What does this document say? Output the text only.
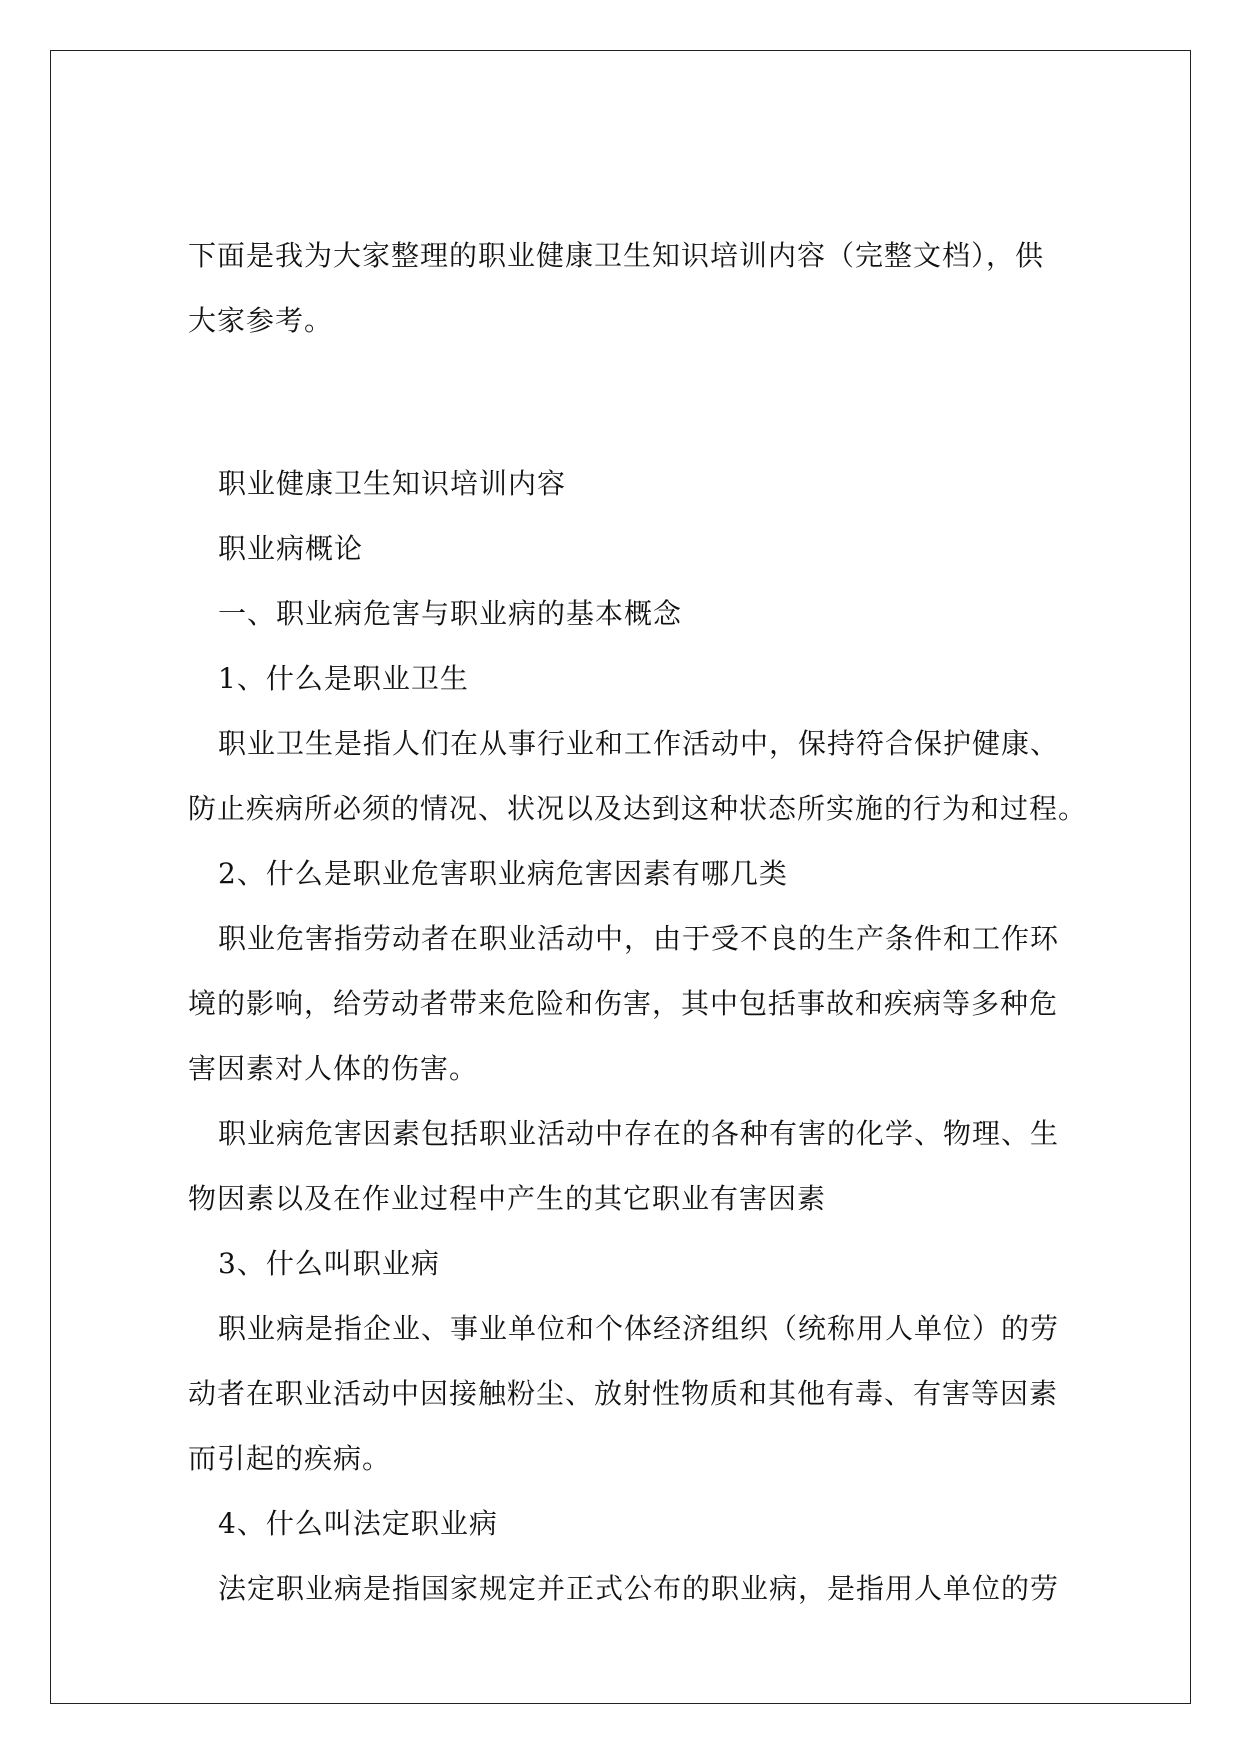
下面是我为大家整理的职业健康卫生知识培训内容（完整文档），供

大家参考。

职业健康卫生知识培训内容

职业病概论

一、职业病危害与职业病的基本概念

1、什么是职业卫生

职业卫生是指人们在从事行业和工作活动中，保持符合保护健康、

防止疾病所必须的情况、状况以及达到这种状态所实施的行为和过程。

2、什么是职业危害职业病危害因素有哪几类

职业危害指劳动者在职业活动中，由于受不良的生产条件和工作环

境的影响，给劳动者带来危险和伤害，其中包括事故和疾病等多种危

害因素对人体的伤害。

职业病危害因素包括职业活动中存在的各种有害的化学、物理、生

物因素以及在作业过程中产生的其它职业有害因素

3、什么叫职业病

职业病是指企业、事业单位和个体经济组织（统称用人单位）的劳

动者在职业活动中因接触粉尘、放射性物质和其他有毒、有害等因素

而引起的疾病。

4、什么叫法定职业病

法定职业病是指国家规定并正式公布的职业病，是指用人单位的劳
